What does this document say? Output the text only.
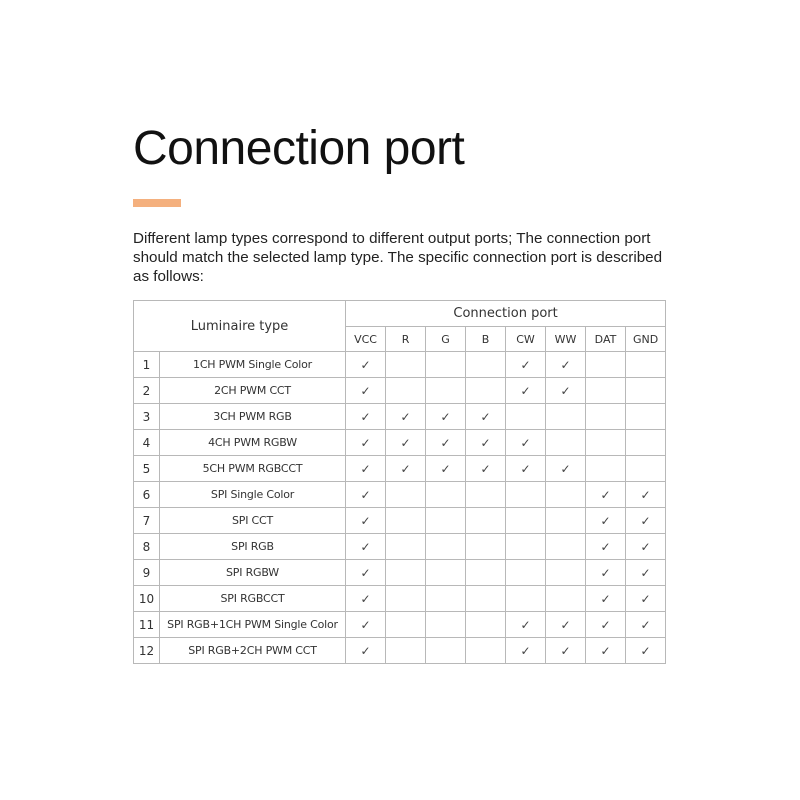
Connection port

Different lamp types correspond to different output ports; The connection port should match the selected lamp type. The specific connection port is described as follows:

Luminaire type		Connection port							
		VCC	R	G	B	CW	WW	DAT	GND
1	1CH PWM Single Color	✓				✓	✓		
2	2CH PWM CCT	✓				✓	✓		
3	3CH PWM RGB	✓	✓	✓	✓				
4	4CH PWM RGBW	✓	✓	✓	✓	✓			
5	5CH PWM RGBCCT	✓	✓	✓	✓	✓	✓		
6	SPI Single Color	✓						✓	✓
7	SPI CCT	✓						✓	✓
8	SPI RGB	✓						✓	✓
9	SPI RGBW	✓						✓	✓
10	SPI RGBCCT	✓						✓	✓
11	SPI RGB+1CH PWM Single Color	✓				✓	✓	✓	✓
12	SPI RGB+2CH PWM CCT	✓				✓	✓	✓	✓
